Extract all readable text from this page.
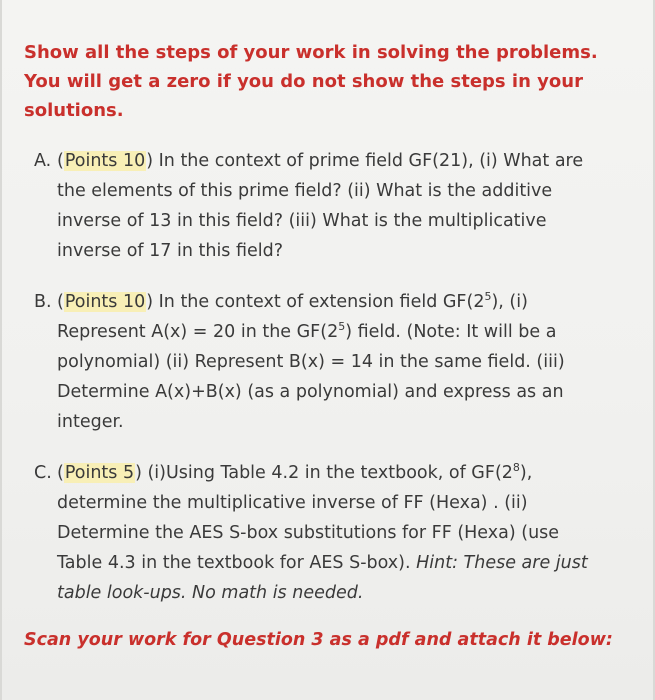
Show all the steps of your work in solving the problems.
You will get a zero if you do not show the steps in your
solutions.
A. (Points 10) In the context of prime field GF(21), (i) What are
the elements of this prime field? (ii) What is the additive
inverse of 13 in this field? (iii) What is the multiplicative
inverse of 17 in this field?
B. (Points 10) In the context of extension field $GF(2^5)$, (i)
Represent A(x) = 20 in the $GF(2^5)$ field. (Note: It will be a
polynomial) (ii) Represent B(x) = 14 in the same field. (iii)
Determine A(x)+B(x) (as a polynomial) and express as an
integer.
C. (Points 5) (i)Using Table 4.2 in the textbook, of $GF(2^8)$,
determine the multiplicative inverse of FF (Hexa) . (ii)
Determine the AES S-box substitutions for FF (Hexa) (use
Table 4.3 in the textbook for AES S-box). Hint: These are just
table look-ups. No math is needed.
Scan your work for Question 3 as a pdf and attach it below:
